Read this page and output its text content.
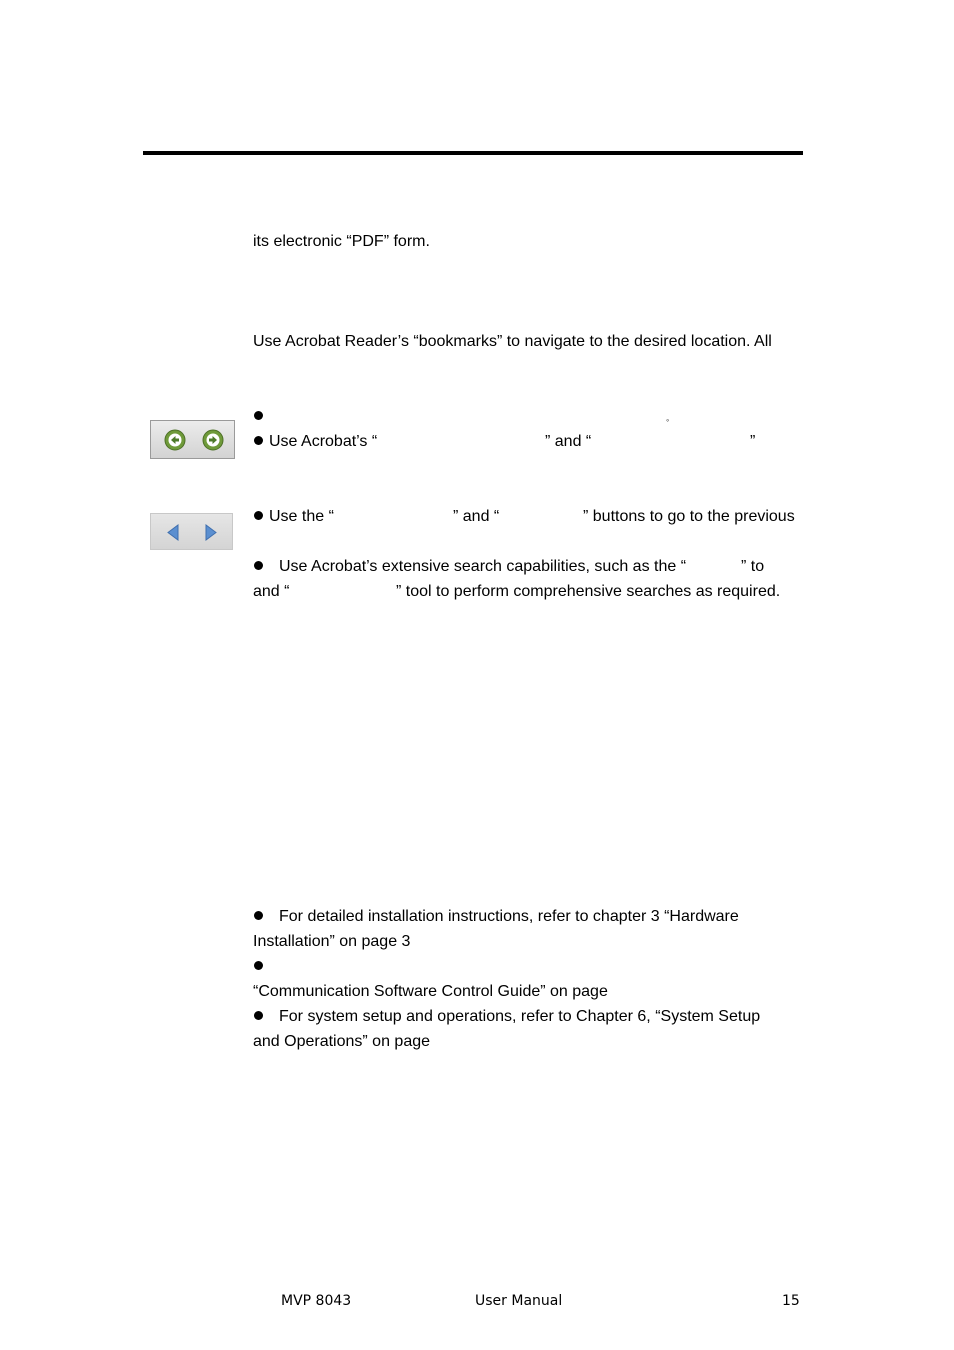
its electronic “PDF” form.
Use Acrobat Reader’s “bookmarks” to navigate to the desired location. All
◦
Use Acrobat’s “	” and “	”
Use the “	” and “	” buttons to go to the previous
Use Acrobat’s extensive search capabilities, such as the “	” to
and “	” tool to perform comprehensive searches as required.
For detailed installation instructions, refer to chapter 3 “Hardware
Installation” on page 3
“Communication Software Control Guide” on page
For system setup and operations, refer to Chapter 6, “System Setup
and Operations” on page
MVP 8043	User Manual	15
